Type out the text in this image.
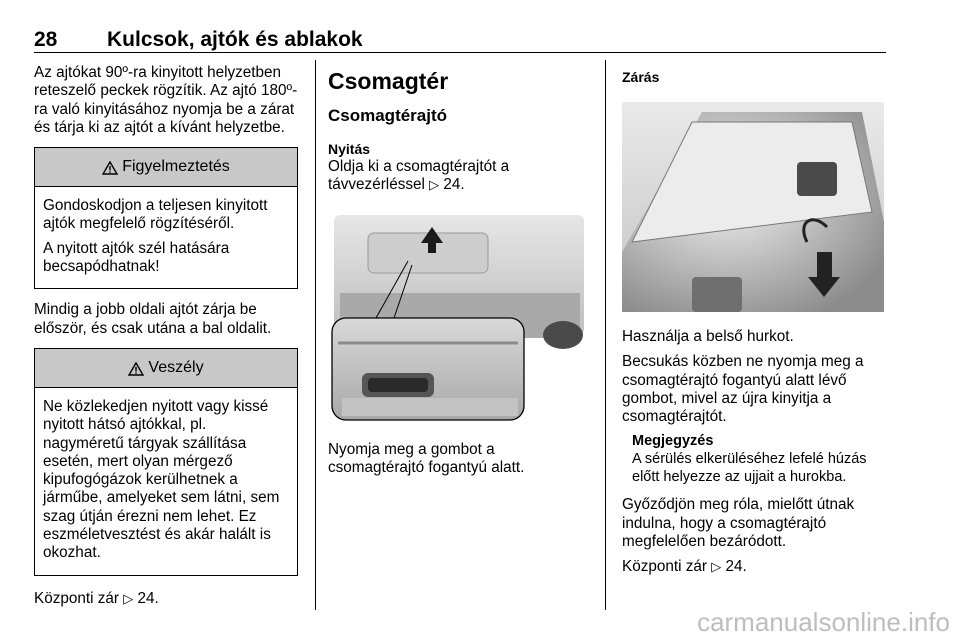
28 Kulcsok, ajtók és ablakok

Az ajtókat 90º-ra kinyitott helyzetben reteszelő peckek rögzítik. Az ajtó 180º-ra való kinyitásához nyomja be a zárat és tárja ki az ajtót a kívánt helyzetbe.

Figyelmeztetés

Gondoskodjon a teljesen kinyitott ajtók megfelelő rögzítéséről.

A nyitott ajtók szél hatására becsapódhatnak!

Mindig a jobb oldali ajtót zárja be először, és csak utána a bal oldalit.

Veszély

Ne közlekedjen nyitott vagy kissé nyitott hátsó ajtókkal, pl. nagyméretű tárgyak szállítása esetén, mert olyan mérgező kipufogógázok kerülhetnek a járműbe, amelyeket sem látni, sem szag útján érezni nem lehet. Ez eszméletvesztést és akár halált is okozhat.

Központi zár ▷ 24.

Csomagtér
Csomagtérajtó
Nyitás

Oldja ki a csomagtérajtót a távvezérléssel ▷ 24.

Nyomja meg a gombot a csomagtérajtó fogantyú alatt.

Zárás

Használja a belső hurkot.

Becsukás közben ne nyomja meg a csomagtérajtó fogantyú alatt lévő gombot, mivel az újra kinyitja a csomagtérajtót.

Megjegyzés
A sérülés elkerüléséhez lefelé húzás előtt helyezze az ujjait a hurokba.

Győződjön meg róla, mielőtt útnak indulna, hogy a csomagtérajtó megfelelően bezáródott.

Központi zár ▷ 24.

carmanualsonline.info
